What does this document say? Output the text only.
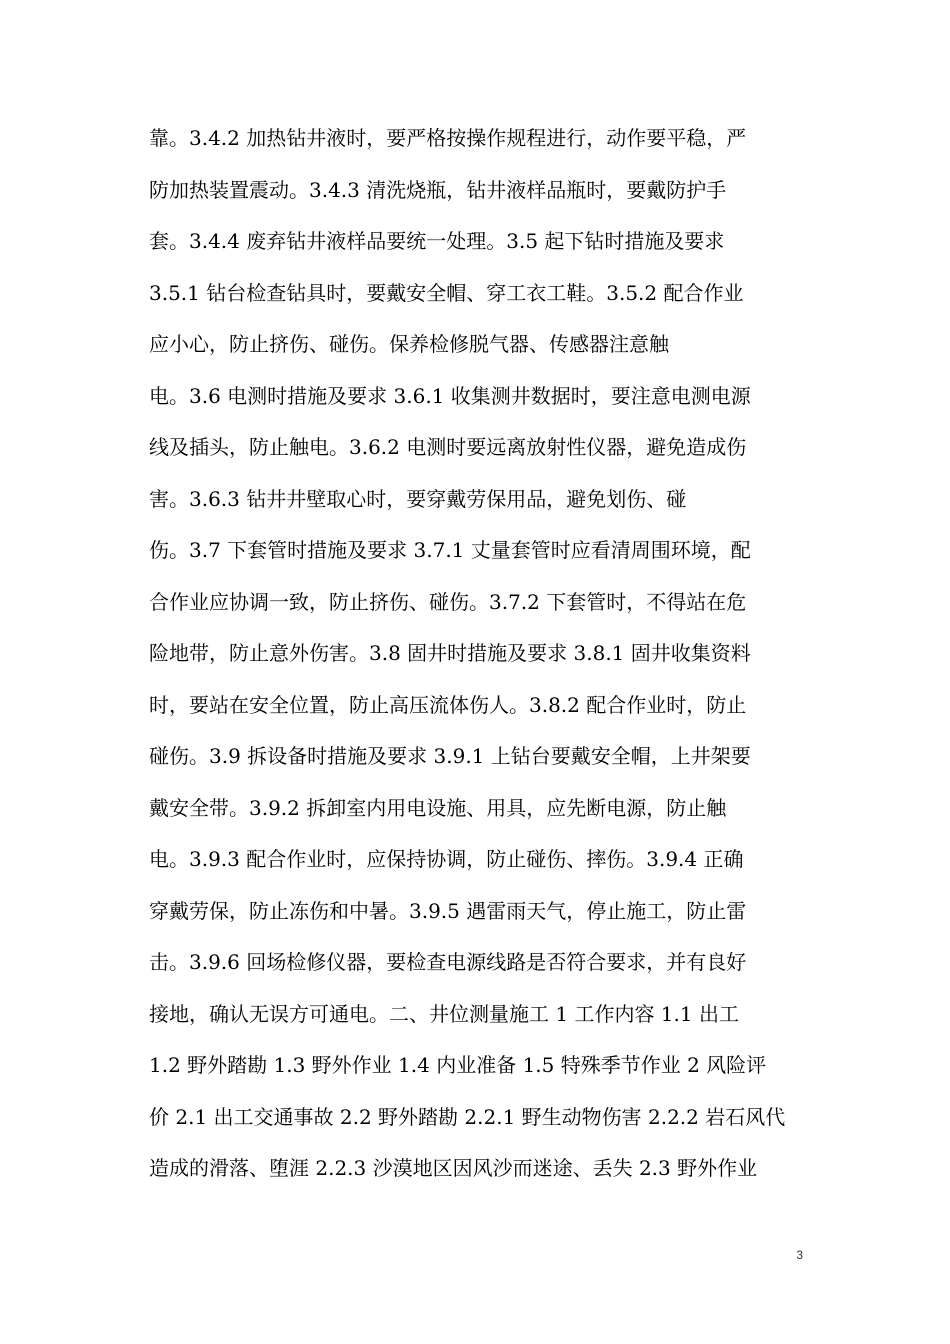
靠。3.4.2 加热钻井液时，要严格按操作规程进行，动作要平稳，严
防加热装置震动。3.4.3 清洗烧瓶，钻井液样品瓶时，要戴防护手
套。3.4.4 废弃钻井液样品要统一处理。3.5 起下钻时措施及要求
3.5.1 钻台检查钻具时，要戴安全帽、穿工衣工鞋。3.5.2 配合作业
应小心，防止挤伤、碰伤。保养检修脱气器、传感器注意触
电。3.6 电测时措施及要求 3.6.1 收集测井数据时，要注意电测电源
线及插头，防止触电。3.6.2 电测时要远离放射性仪器，避免造成伤
害。3.6.3 钻井井壁取心时，要穿戴劳保用品，避免划伤、碰
伤。3.7 下套管时措施及要求 3.7.1 丈量套管时应看清周围环境，配
合作业应协调一致，防止挤伤、碰伤。3.7.2 下套管时，不得站在危
险地带，防止意外伤害。3.8 固井时措施及要求 3.8.1 固井收集资料
时，要站在安全位置，防止高压流体伤人。3.8.2 配合作业时，防止
碰伤。3.9 拆设备时措施及要求 3.9.1 上钻台要戴安全帽，上井架要
戴安全带。3.9.2 拆卸室内用电设施、用具，应先断电源，防止触
电。3.9.3 配合作业时，应保持协调，防止碰伤、摔伤。3.9.4 正确
穿戴劳保，防止冻伤和中暑。3.9.5 遇雷雨天气，停止施工，防止雷
击。3.9.6 回场检修仪器，要检查电源线路是否符合要求，并有良好
接地，确认无误方可通电。二、井位测量施工 1 工作内容 1.1 出工
1.2 野外踏勘 1.3 野外作业 1.4 内业准备 1.5 特殊季节作业 2 风险评
价 2.1 出工交通事故 2.2 野外踏勘 2.2.1 野生动物伤害 2.2.2 岩石风代
造成的滑落、堕涯 2.2.3 沙漠地区因风沙而迷途、丢失 2.3 野外作业
3
